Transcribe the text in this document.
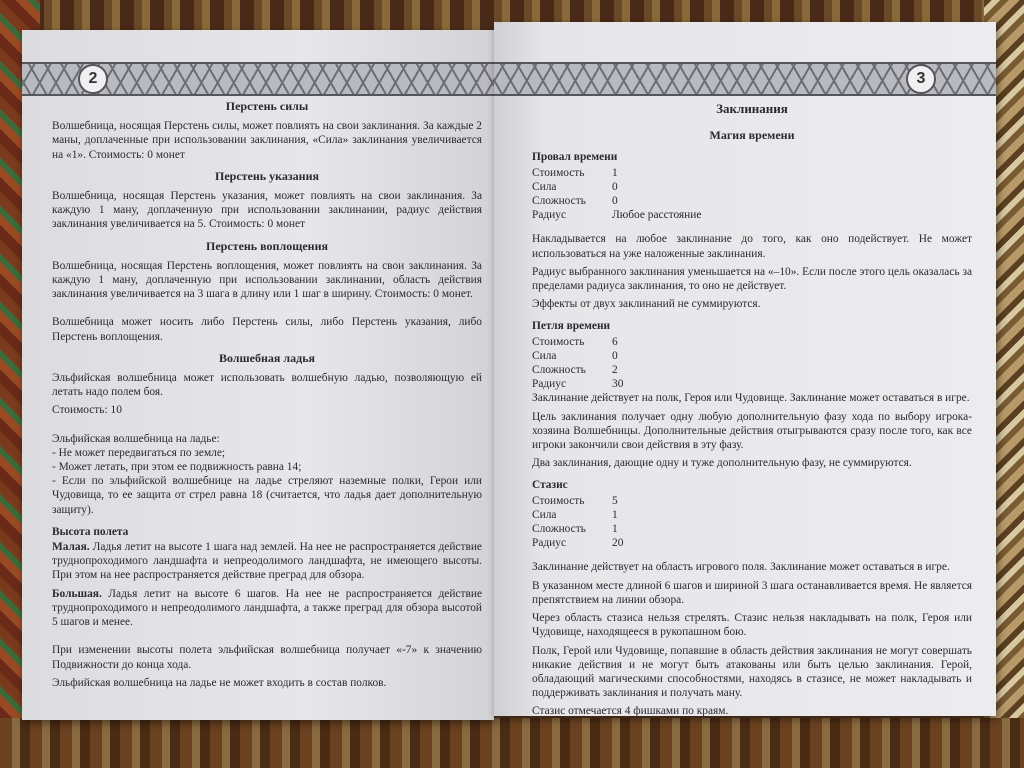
2
Перстень силы

Волшебница, носящая Перстень силы, может повлиять на свои заклинания. За каждые 2 маны, доплаченные при использовании заклинания, «Сила» заклинания увеличивается на «1». Стоимость: 0 монет

Перстень указания

Волшебница, носящая Перстень указания, может повлиять на свои заклинания. За каждую 1 ману, доплаченную при использовании заклинании, радиус действия заклинания увеличивается на 5. Стоимость: 0 монет

Перстень воплощения

Волшебница, носящая Перстень воплощения, может повлиять на свои заклинания. За каждую 1 ману, доплаченную при использовании заклинании, область действия заклинания увеличивается на 3 шага в длину или 1 шаг в ширину. Стоимость: 0 монет.

Волшебница может носить либо Перстень силы, либо Перстень указания, либо Перстень воплощения.

Волшебная ладья

Эльфийская волшебница может использовать волшебную ладью, позволяющую ей летать надо полем боя.

Стоимость: 10

Эльфийская волшебница на ладье:

- Не может передвигаться по земле;

- Может летать, при этом ее подвижность равна 14;

- Если по эльфийской волшебнице на ладье стреляют наземные полки, Герои или Чудовища, то ее защита от стрел равна 18 (считается, что ладья дает дополнительную защиту).

Высота полета

Малая. Ладья летит на высоте 1 шага над землей. На нее не распространяется действие труднопроходимого ландшафта и непреодолимого ландшафта, не имеющего высоты. При этом на нее распространяется действие преград для обзора.

Большая. Ладья летит на высоте 6 шагов. На нее не распространяется действие труднопроходимого и непреодолимого ландшафта, а также преград для обзора высотой 5 шагов и менее.

При изменении высоты полета эльфийская волшебница получает «-7» к значению Подвижности до конца хода.

Эльфийская волшебница на ладье не может входить в состав полков.

3
Заклинания
Магия времени
Провал времени
Стоимость	1
Сила	0
Сложность	0
Радиус	Любое расстояние

Накладывается на любое заклинание до того, как оно подействует. Не может использоваться на уже наложенные заклинания.

Радиус выбранного заклинания уменьшается на «–10». Если после этого цель оказалась за пределами радиуса заклинания, то оно не действует.

Эффекты от двух заклинаний не суммируются.

Петля времени
Стоимость	6
Сила	0
Сложность	2
Радиус	30

Заклинание действует на полк, Героя или Чудовище. Заклинание может оставаться в игре.

Цель заклинания получает одну любую дополнительную фазу хода по выбору игрока-хозяина Волшебницы. Дополнительные действия отыгрываются сразу после того, как все игроки закончили свои действия в эту фазу.

Два заклинания, дающие одну и туже дополнительную фазу, не суммируются.

Стазис
Стоимость	5
Сила	1
Сложность	1
Радиус	20

Заклинание действует на область игрового поля. Заклинание может оставаться в игре.

В указанном месте длиной 6 шагов и шириной 3 шага останавливается время. Не является препятствием на линии обзора.

Через область стазиса нельзя стрелять. Стазис нельзя накладывать на полк, Героя или Чудовище, находящееся в рукопашном бою.

Полк, Герой или Чудовище, попавшие в область действия заклинания не могут совершать никакие действия и не могут быть атакованы или быть целью заклинания. Герой, обладающий магическими способностями, находясь в стазисе, не может накладывать и поддерживать заклинания и получать ману.

Стазис отмечается 4 фишками по краям.
